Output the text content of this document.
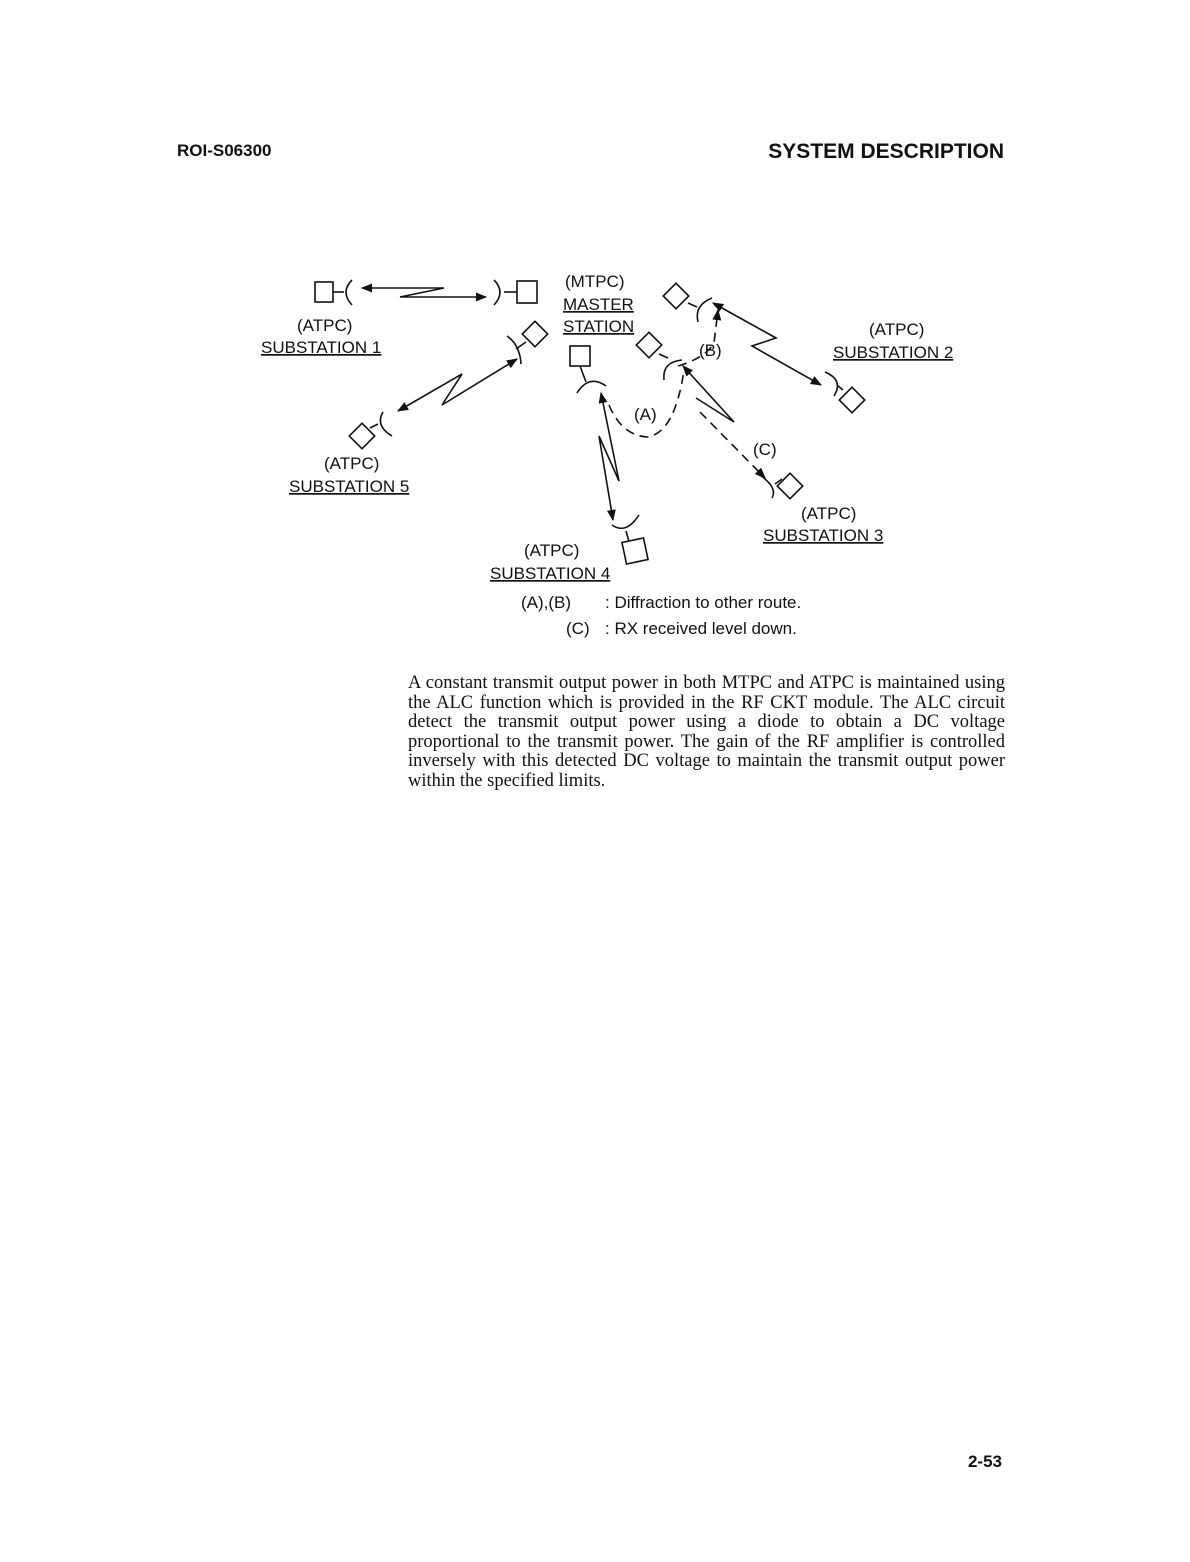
ROI-S06300	SYSTEM DESCRIPTION
(MTPC)
MASTER
STATION
(ATPC)
SUBSTATION 1
(ATPC)
SUBSTATION 2
(ATPC)
SUBSTATION 3
(ATPC)
SUBSTATION 4
(ATPC)
SUBSTATION 5
(A)
(B)
(C)
(A),(B) : Diffraction to other route.
(C) : RX received level down.

A constant transmit output power in both MTPC and ATPC is maintained using the ALC function which is provided in the RF CKT module. The ALC circuit detect the transmit output power using a diode to obtain a DC voltage proportional to the transmit power. The gain of the RF amplifier is controlled inversely with this detected DC voltage to maintain the transmit output power within the specified limits.

2-53
